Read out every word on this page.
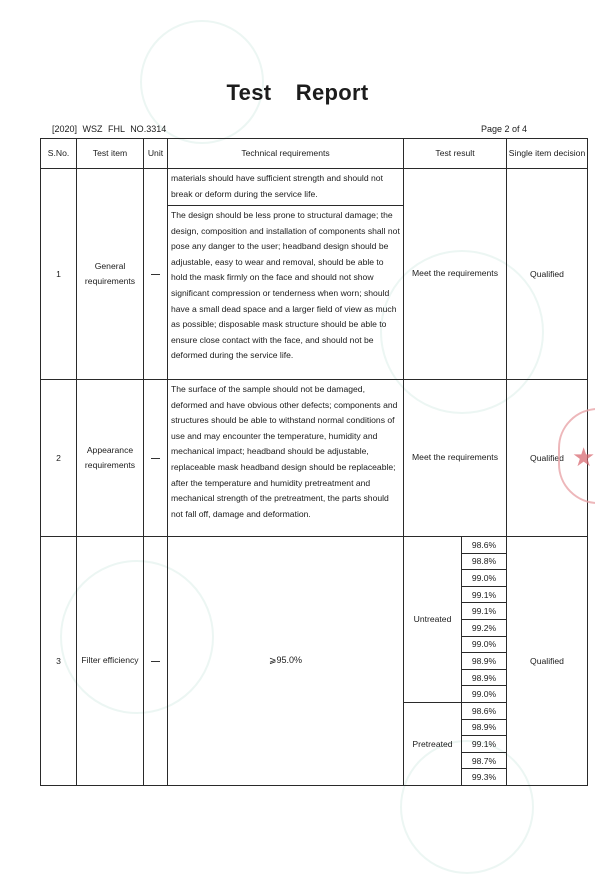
Test Report
[2020] WSZ FHL NO.3314	Page 2 of 4
S.No.	Test item	Unit	Technical requirements	Test result		Single item decision
1	General requirements		materials should have sufficient strength and should not break or deform during the service life.	Meet the requirements		Qualified
			The design should be less prone to structural damage; the design, composition and installation of components shall not pose any danger to the user; headband design should be adjustable, easy to wear and removal, should be able to hold the mask firmly on the face and should not show significant compression or tenderness when worn; should have a small dead space and a larger field of view as much as possible; disposable mask structure should be able to ensure close contact with the face, and should not be deformed during the service life.			
2	Appearance requirements		The surface of the sample should not be damaged, deformed and have obvious other defects; components and structures should be able to withstand normal conditions of use and may encounter the temperature, humidity and mechanical impact; headband should be adjustable, replaceable mask headband design should be replaceable; after the temperature and humidity pretreatment and mechanical strength of the pretreatment, the parts should not fall off, damage and deformation.	Meet the requirements		Qualified
3	Filter efficiency		⩾95.0%	Untreated	98.6%	Qualified
					98.8%	
					99.0%	
					99.1%	
					99.1%	
					99.2%	
					99.0%	
					98.9%	
					98.9%	
					99.0%	
				Pretreated	98.6%	
					98.9%	
					99.1%	
					98.7%	
					99.3%	
★
